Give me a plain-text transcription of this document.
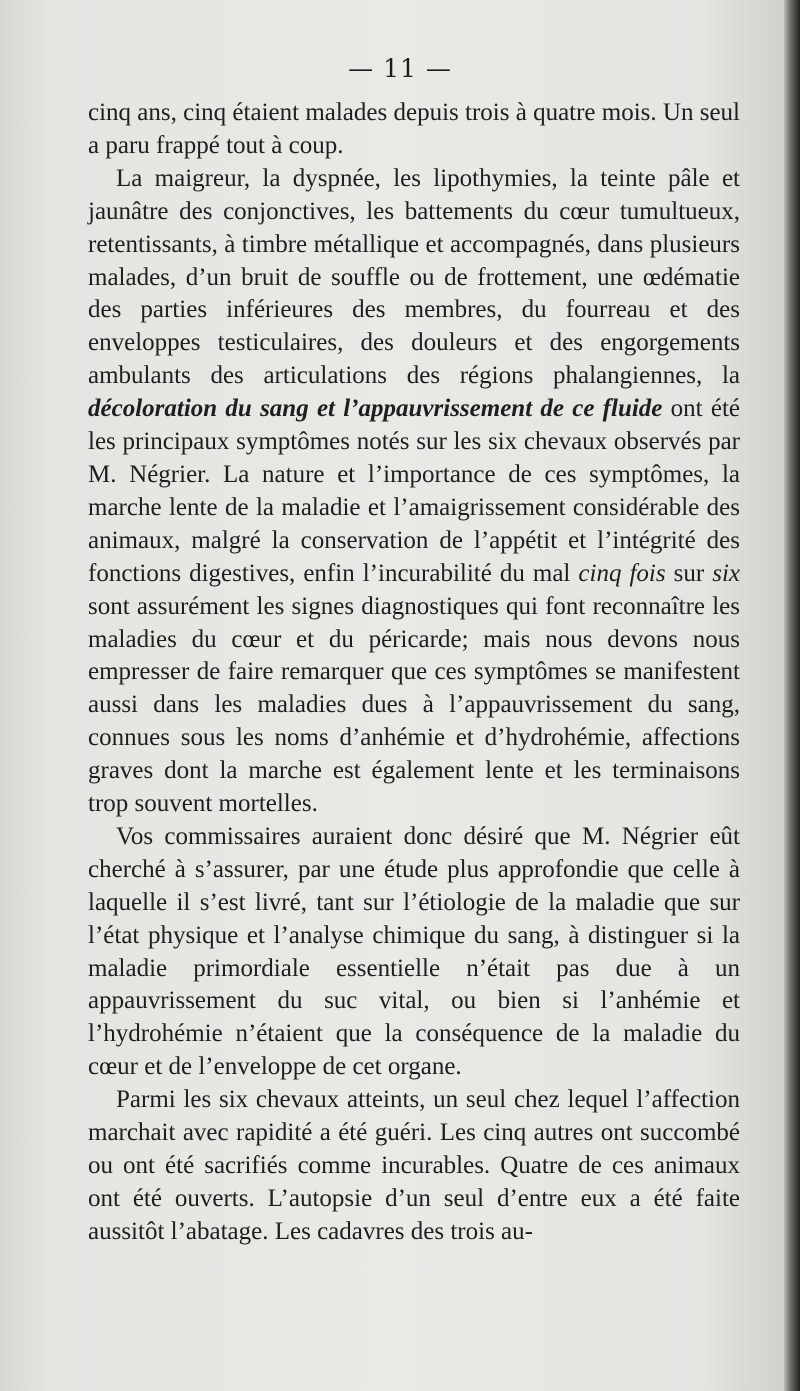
— 11 —

cinq ans, cinq étaient malades depuis trois à quatre mois. Un seul a paru frappé tout à coup.

La maigreur, la dyspnée, les lipothymies, la teinte pâle et jaunâtre des conjonctives, les battements du cœur tumultueux, retentissants, à timbre métallique et accompagnés, dans plusieurs malades, d’un bruit de souffle ou de frottement, une œdématie des parties inférieures des membres, du fourreau et des enveloppes testiculaires, des douleurs et des engorgements ambulants des articulations des régions phalangiennes, la décoloration du sang et l’appauvrissement de ce fluide ont été les principaux symptômes notés sur les six chevaux observés par M. Négrier. La nature et l’importance de ces symptômes, la marche lente de la maladie et l’amaigrissement considérable des animaux, malgré la conservation de l’appétit et l’intégrité des fonctions digestives, enfin l’incurabilité du mal cinq fois sur six sont assurément les signes diagnostiques qui font reconnaître les maladies du cœur et du péricarde; mais nous devons nous empresser de faire remarquer que ces symptômes se manifestent aussi dans les maladies dues à l’appauvrissement du sang, connues sous les noms d’anhémie et d’hydrohémie, affections graves dont la marche est également lente et les terminaisons trop souvent mortelles.

Vos commissaires auraient donc désiré que M. Négrier eût cherché à s’assurer, par une étude plus approfondie que celle à laquelle il s’est livré, tant sur l’étiologie de la maladie que sur l’état physique et l’analyse chimique du sang, à distinguer si la maladie primordiale essentielle n’était pas due à un appauvrissement du suc vital, ou bien si l’anhémie et l’hydrohémie n’étaient que la conséquence de la maladie du cœur et de l’enveloppe de cet organe.

Parmi les six chevaux atteints, un seul chez lequel l’affection marchait avec rapidité a été guéri. Les cinq autres ont succombé ou ont été sacrifiés comme incurables. Quatre de ces animaux ont été ouverts. L’autopsie d’un seul d’entre eux a été faite aussitôt l’abatage. Les cadavres des trois au-
